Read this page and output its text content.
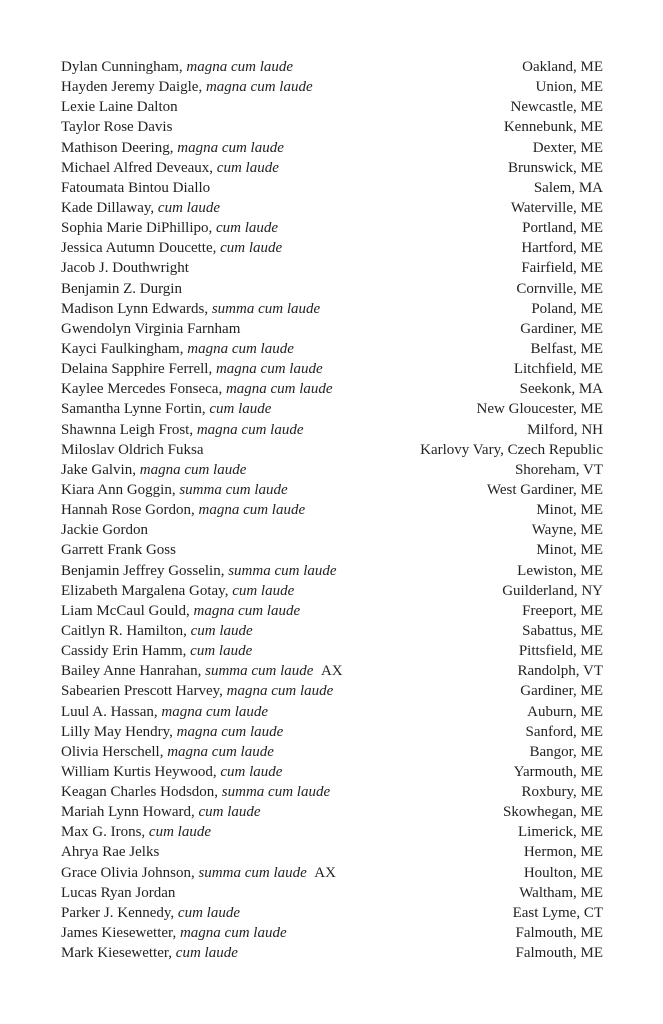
Dylan Cunningham, magna cum laude	Oakland, ME
Hayden Jeremy Daigle, magna cum laude	Union, ME
Lexie Laine Dalton	Newcastle, ME
Taylor Rose Davis	Kennebunk, ME
Mathison Deering, magna cum laude	Dexter, ME
Michael Alfred Deveaux, cum laude	Brunswick, ME
Fatoumata Bintou Diallo	Salem, MA
Kade Dillaway, cum laude	Waterville, ME
Sophia Marie DiPhillipo, cum laude	Portland, ME
Jessica Autumn Doucette, cum laude	Hartford, ME
Jacob J. Douthwright	Fairfield, ME
Benjamin Z. Durgin	Cornville, ME
Madison Lynn Edwards, summa cum laude	Poland, ME
Gwendolyn Virginia Farnham	Gardiner, ME
Kayci Faulkingham, magna cum laude	Belfast, ME
Delaina Sapphire Ferrell, magna cum laude	Litchfield, ME
Kaylee Mercedes Fonseca, magna cum laude	Seekonk, MA
Samantha Lynne Fortin, cum laude	New Gloucester, ME
Shawnna Leigh Frost, magna cum laude	Milford, NH
Miloslav Oldrich Fuksa	Karlovy Vary, Czech Republic
Jake Galvin, magna cum laude	Shoreham, VT
Kiara Ann Goggin, summa cum laude	West Gardiner, ME
Hannah Rose Gordon, magna cum laude	Minot, ME
Jackie Gordon	Wayne, ME
Garrett Frank Goss	Minot, ME
Benjamin Jeffrey Gosselin, summa cum laude	Lewiston, ME
Elizabeth Margalena Gotay, cum laude	Guilderland, NY
Liam McCaul Gould, magna cum laude	Freeport, ME
Caitlyn R. Hamilton, cum laude	Sabattus, ME
Cassidy Erin Hamm, cum laude	Pittsfield, ME
Bailey Anne Hanrahan, summa cum laude AX	Randolph, VT
Sabearien Prescott Harvey, magna cum laude	Gardiner, ME
Luul A. Hassan, magna cum laude	Auburn, ME
Lilly May Hendry, magna cum laude	Sanford, ME
Olivia Herschell, magna cum laude	Bangor, ME
William Kurtis Heywood, cum laude	Yarmouth, ME
Keagan Charles Hodsdon, summa cum laude	Roxbury, ME
Mariah Lynn Howard, cum laude	Skowhegan, ME
Max G. Irons, cum laude	Limerick, ME
Ahrya Rae Jelks	Hermon, ME
Grace Olivia Johnson, summa cum laude AX	Houlton, ME
Lucas Ryan Jordan	Waltham, ME
Parker J. Kennedy, cum laude	East Lyme, CT
James Kiesewetter, magna cum laude	Falmouth, ME
Mark Kiesewetter, cum laude	Falmouth, ME
